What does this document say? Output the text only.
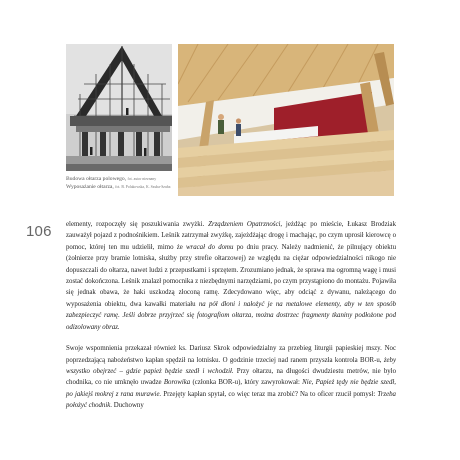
Budowa ołtarza polowego, fot. autor nieznany
Wyposażanie ołtarza, fot. B. Polakowska, K. Szuba-Szuba
106 elementy, rozpoczęły się poszukiwania zwyżki. Zrządzeniem Opatrzności, jeżdżąc po mieście, Łukasz Brodziak zauważył pojazd z podnośnikiem. Leśnik zatrzymał zwyżkę, zajeżdżając drogę i machając, po czym uprosił kierowcę o pomoc, której ten mu udzielił, mimo że wracał do domu po dniu pracy. Należy nadmienić, że pilnujący obiektu (żołnierze przy bramie lotniska, służby przy strefie ołtarzowej) ze względu na ciężar odpowiedzialności nikogo nie dopuszczali do ołtarza, nawet ludzi z przepustkami i sprzętem. Zrozumiano jednak, że sprawa ma ogromną wagę i musi zostać dokończona. Leśnik znalazł pomocnika z niezbędnymi narzędziami, po czym przystąpiono do montażu. Pojawiła się jednak obawa, że haki uszkodzą złoconą ramę. Zdecydowano więc, aby odciąć z dywanu, należącego do wyposażenia obiektu, dwa kawałki materiału na pół dłoni i nałożyć je na metalowe elementy, aby w ten sposób zabezpieczyć ramę. Jeśli dobrze przyjrzeć się fotografiom ołtarza, można dostrzec fragmenty tkaniny podłożone pod odizolowany obraz.

Swoje wspomnienia przekazał również ks. Dariusz Skrok odpowiedzialny za przebieg liturgii papieskiej mszy. Noc poprzedzającą nabożeństwo kapłan spędził na lotnisku. O godzinie trzeciej nad ranem przyszła kontrola BOR-u, żeby wszystko obejrzeć – gdzie papież będzie szedł i wchodził. Przy ołtarzu, na długości dwudziestu metrów, nie było chodnika, co nie umknęło uwadze Borowika (członka BOR-u), który zawyrokował: Nie, Papież tędy nie będzie szedł, po jakiejś mokrej z rana murawie. Przejęty kapłan spytał, co więc teraz ma zrobić? Na to oficer rzucił pomysł: Trzeba położyć chodnik. Duchowny
